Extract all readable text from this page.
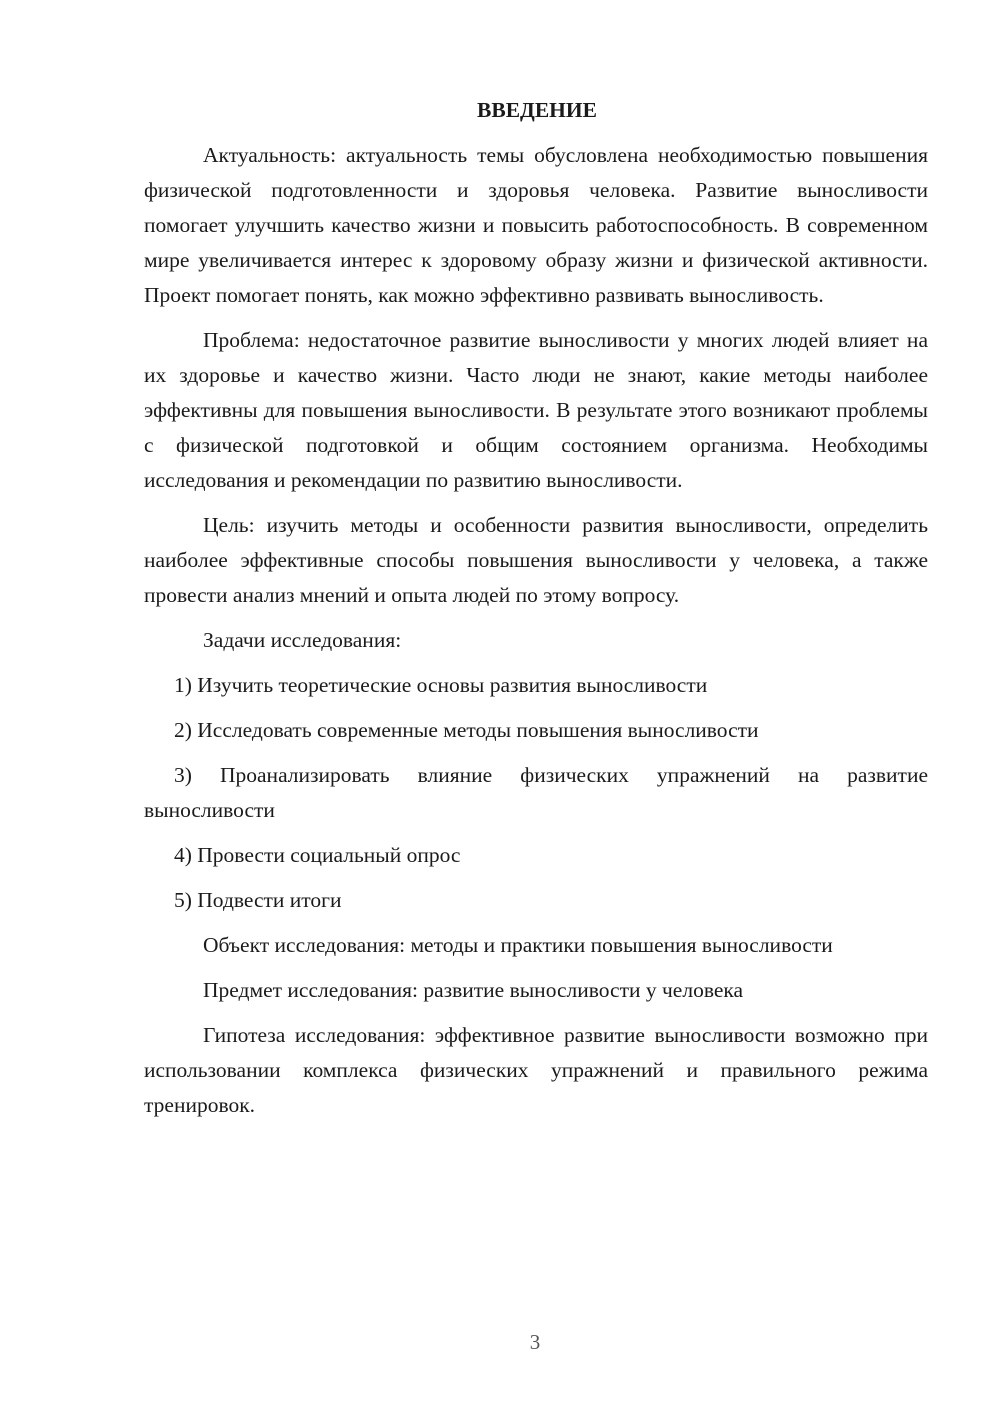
ВВЕДЕНИЕ

Актуальность: актуальность темы обусловлена необходимостью повышения физической подготовленности и здоровья человека. Развитие выносливости помогает улучшить качество жизни и повысить работоспособность. В современном мире увеличивается интерес к здоровому образу жизни и физической активности. Проект помогает понять, как можно эффективно развивать выносливость.

Проблема: недостаточное развитие выносливости у многих людей влияет на их здоровье и качество жизни. Часто люди не знают, какие методы наиболее эффективны для повышения выносливости. В результате этого возникают проблемы с физической подготовкой и общим состоянием организма. Необходимы исследования и рекомендации по развитию выносливости.

Цель: изучить методы и особенности развития выносливости, определить наиболее эффективные способы повышения выносливости у человека, а также провести анализ мнений и опыта людей по этому вопросу.

Задачи исследования:

1) Изучить теоретические основы развития выносливости

2) Исследовать современные методы повышения выносливости

3) Проанализировать влияние физических упражнений на развитие выносливости

4) Провести социальный опрос

5) Подвести итоги

Объект исследования: методы и практики повышения выносливости

Предмет исследования: развитие выносливости у человека

Гипотеза исследования: эффективное развитие выносливости возможно при использовании комплекса физических упражнений и правильного режима тренировок.

3
